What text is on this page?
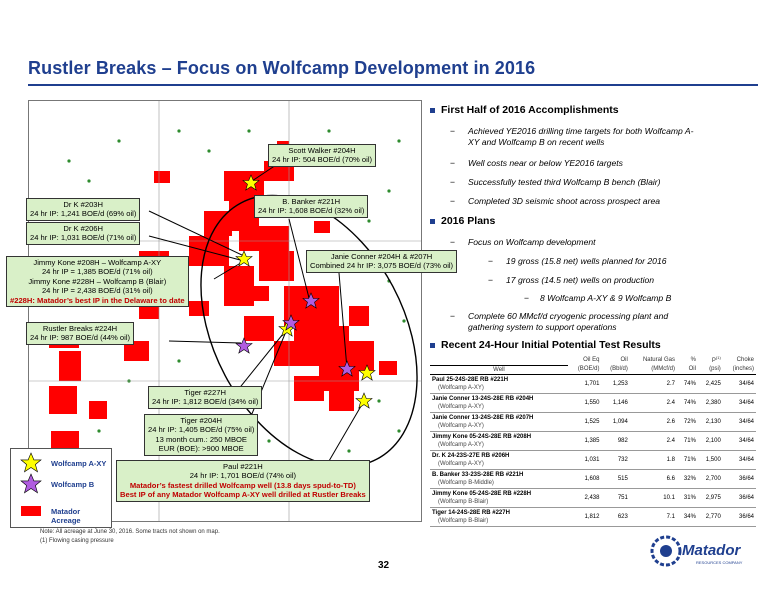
Rustler Breaks – Focus on Wolfcamp Development in 2016
Scott Walker #204H
24 hr IP: 504 BOE/d (70% oil)
Dr K #203H
24 hr IP: 1,241 BOE/d (69% oil)
B. Banker #221H
24 hr IP: 1,608 BOE/d (32% oil)
Dr K #206H
24 hr IP: 1,031 BOE/d (71% oil)
Jimmy Kone #208H – Wolfcamp A-XY
24 hr IP = 1,385 BOE/d (71% oil)
Jimmy Kone #228H – Wolfcamp B (Blair)
24 hr IP = 2,438 BOE/d (31% oil)
#228H: Matador’s best IP in the Delaware to date
Janie Conner #204H & #207H
Combined 24 hr IP: 3,075 BOE/d (73% oil)
Rustler Breaks #224H
24 hr IP: 987 BOE/d (44% oil)
Tiger #227H
24 hr IP: 1,812 BOE/d (34% oil)
Tiger #204H
24 hr IP: 1,405 BOE/d (75% oil)
13 month cum.: 250 MBOE
EUR (BOE): >900 MBOE
Paul #221H
24 hr IP: 1,701 BOE/d (74% oil)
Matador’s fastest drilled Wolfcamp well (13.8 days spud-to-TD)
Best IP of any Matador Wolfcamp A-XY well drilled at Rustler Breaks
Wolfcamp A-XY
Wolfcamp B
Matador Acreage
First Half of 2016 Accomplishments
− Achieved YE2016 drilling time targets for both Wolfcamp A-
XY and Wolfcamp B on recent wells
− Well costs near or below YE2016 targets
− Successfully tested third Wolfcamp B bench (Blair)
− Completed 3D seismic shoot across prospect area
2016 Plans
− Focus on Wolfcamp development
− 19 gross (15.8 net) wells planned for 2016
− 17 gross (14.5 net) wells on production
− 8 Wolfcamp A-XY & 9 Wolfcamp B
− Complete 60 MMcf/d cryogenic processing plant and
gathering system to support operations
Recent 24-Hour Initial Potential Test Results
	Oil Eq	Oil	Natural Gas	%	$P^{(1)}$	Choke
Well	(BOE/d)	(Bbl/d)	(MMcf/d)	Oil	(psi)	(inches)

Paul 25-24S-28E RB #221H
(Wolfcamp A-XY)	1,701	1,253	2.7	74%	2,425	34/64

Janie Conner 13-24S-28E RB #204H
(Wolfcamp A-XY)	1,550	1,146	2.4	74%	2,380	34/64

Janie Conner 13-24S-28E RB #207H
(Wolfcamp A-XY)	1,525	1,094	2.6	72%	2,130	34/64

Jimmy Kone 05-24S-28E RB #208H
(Wolfcamp A-XY)	1,385	982	2.4	71%	2,100	34/64

Dr. K 24-23S-27E RB #206H
(Wolfcamp A-XY)	1,031	732	1.8	71%	1,500	34/64

B. Banker 33-23S-28E RB #221H
(Wolfcamp B-Middle)	1,608	515	6.6	32%	2,700	36/64

Jimmy Kone 05-24S-28E RB #228H
(Wolfcamp B-Blair)	2,438	751	10.1	31%	2,975	36/64

Tiger 14-24S-28E RB #227H
(Wolfcamp B-Blair)	1,812	623	7.1	34%	2,770	36/64
Note: All acreage at June 30, 2016. Some tracts not shown on map.
(1) Flowing casing pressure
32
Matador
RESOURCES COMPANY
